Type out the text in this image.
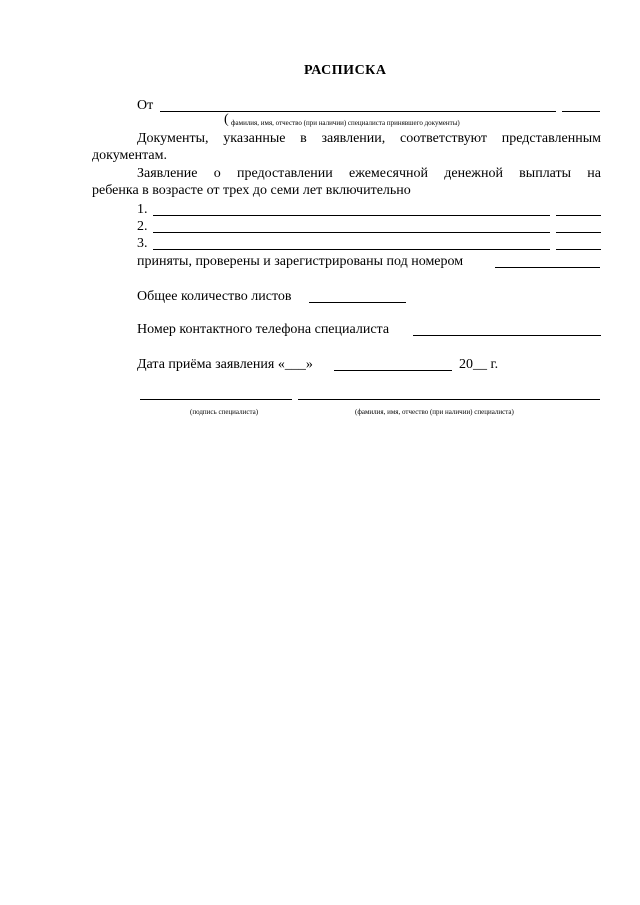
РАСПИСКА
От
( фамилия, имя, отчество (при наличии) специалиста принявшего документы)
Документы, указанные в заявлении, соответствуют представленным
документам.
Заявление о предоставлении ежемесячной денежной выплаты на
ребенка в возрасте от трех до семи лет включительно
1.
2.
3.
приняты, проверены и зарегистрированы под номером
Общее количество листов
Номер контактного телефона специалиста
Дата приёма заявления «___»	20__ г.
(подпись специалиста)	(фамилия, имя, отчество (при наличии) специалиста)
